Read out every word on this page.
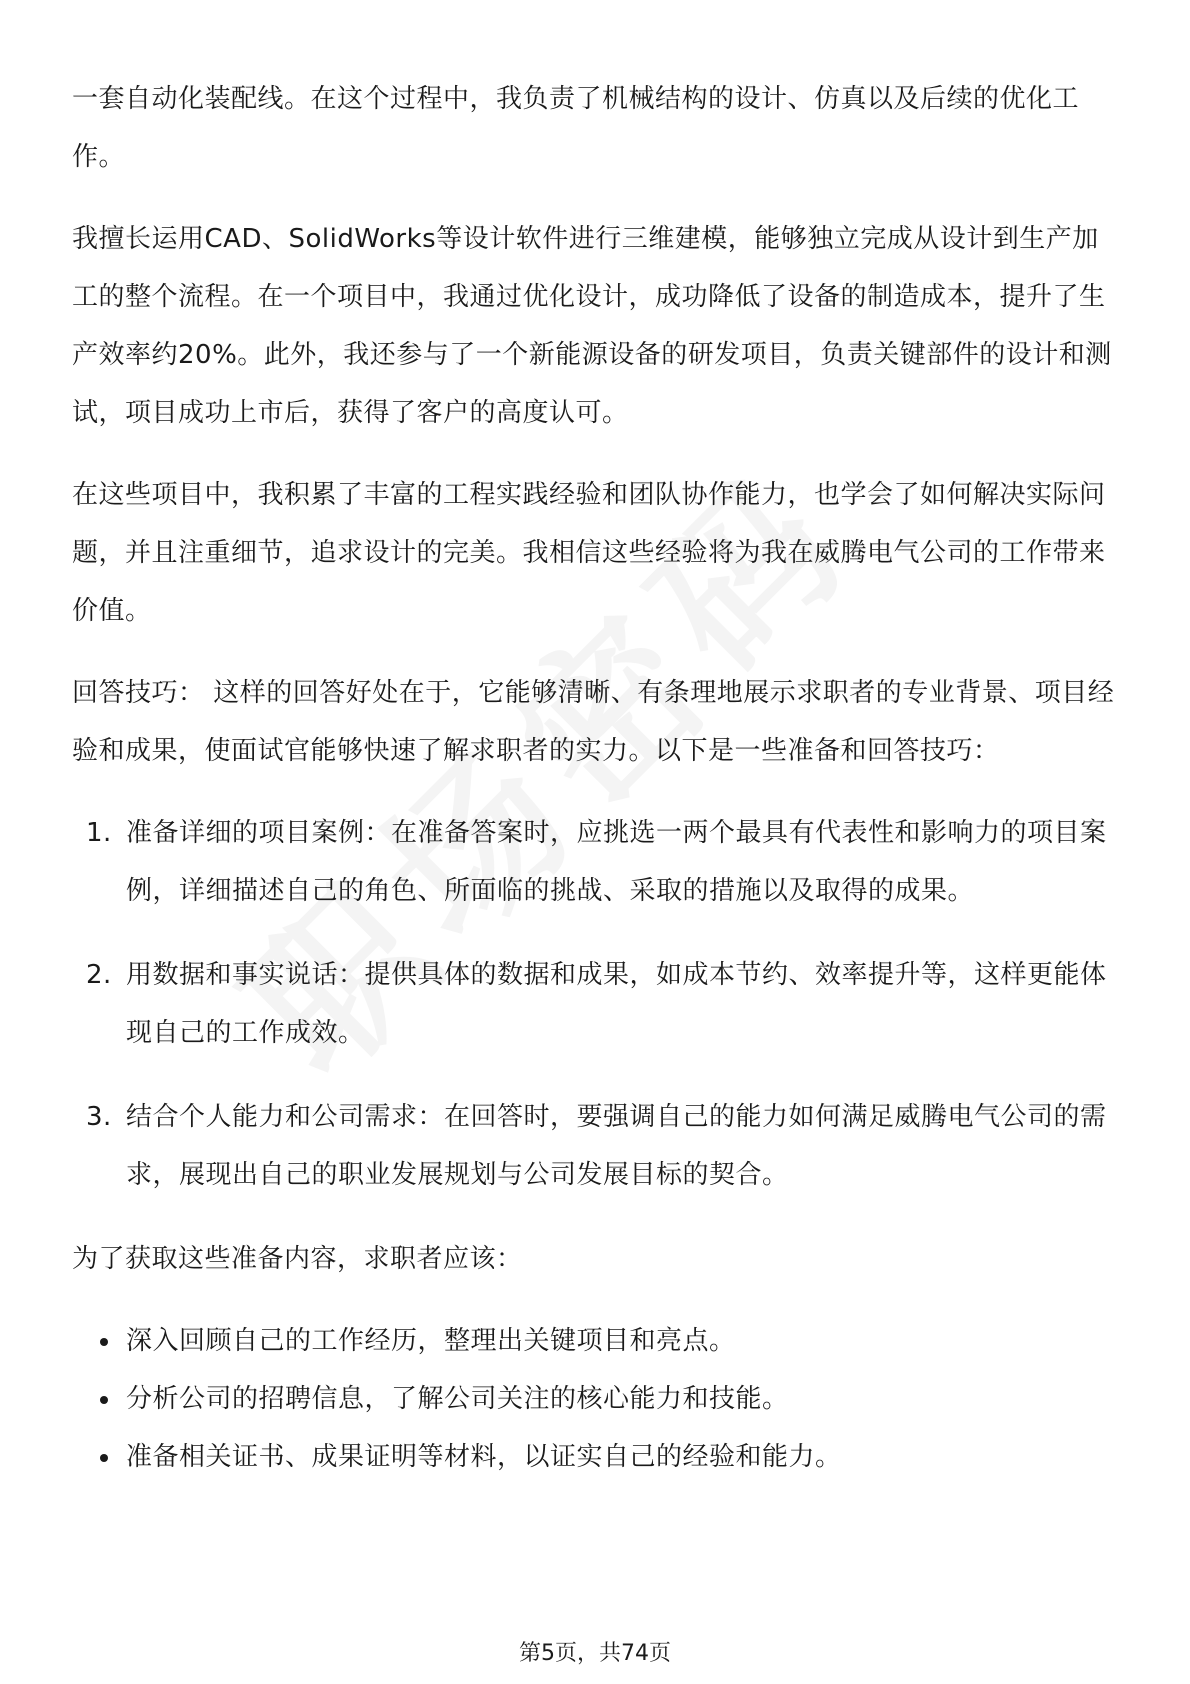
一套自动化装配线。在这个过程中，我负责了机械结构的设计、仿真以及后续的优化工作。

我擅长运用CAD、SolidWorks等设计软件进行三维建模，能够独立完成从设计到生产加工的整个流程。在一个项目中，我通过优化设计，成功降低了设备的制造成本，提升了生产效率约20%。此外，我还参与了一个新能源设备的研发项目，负责关键部件的设计和测试，项目成功上市后，获得了客户的高度认可。

在这些项目中，我积累了丰富的工程实践经验和团队协作能力，也学会了如何解决实际问题，并且注重细节，追求设计的完美。我相信这些经验将为我在威腾电气公司的工作带来价值。

回答技巧： 这样的回答好处在于，它能够清晰、有条理地展示求职者的专业背景、项目经验和成果，使面试官能够快速了解求职者的实力。以下是一些准备和回答技巧：

1. 准备详细的项目案例：在准备答案时，应挑选一两个最具有代表性和影响力的项目案例，详细描述自己的角色、所面临的挑战、采取的措施以及取得的成果。
2. 用数据和事实说话：提供具体的数据和成果，如成本节约、效率提升等，这样更能体现自己的工作成效。
3. 结合个人能力和公司需求：在回答时，要强调自己的能力如何满足威腾电气公司的需求，展现出自己的职业发展规划与公司发展目标的契合。

为了获取这些准备内容，求职者应该：

深入回顾自己的工作经历，整理出关键项目和亮点。
分析公司的招聘信息，了解公司关注的核心能力和技能。
准备相关证书、成果证明等材料，以证实自己的经验和能力。
第5页，共74页
